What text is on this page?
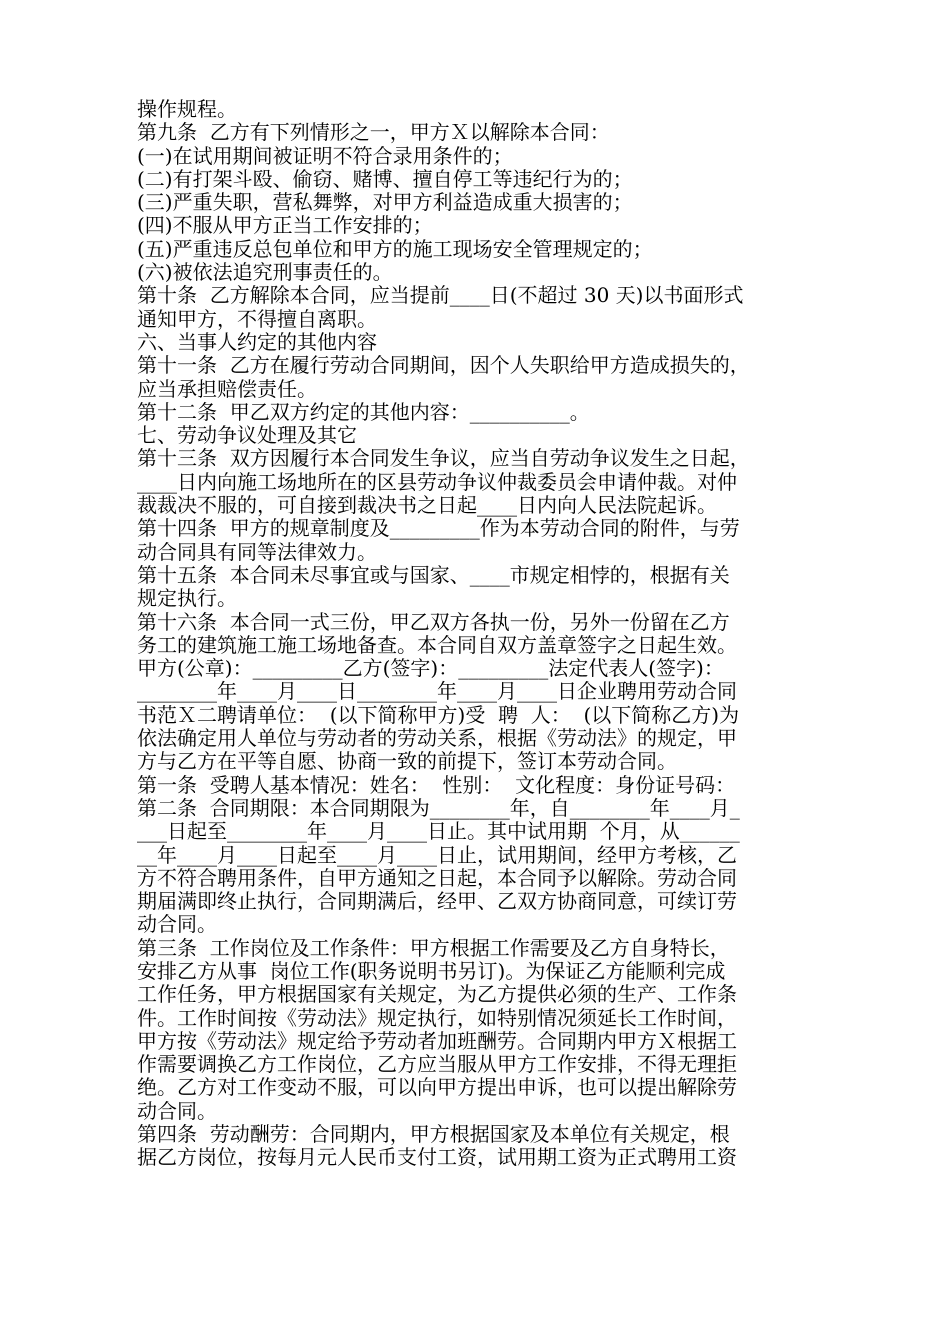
操作规程。
第九条  乙方有下列情形之一，甲方Ｘ以解除本合同：
(一)在试用期间被证明不符合录用条件的；
(二)有打架斗殴、偷窃、赌博、擅自停工等违纪行为的；
(三)严重失职，营私舞弊，对甲方利益造成重大损害的；
(四)不服从甲方正当工作安排的；
(五)严重违反总包单位和甲方的施工现场安全管理规定的；
(六)被依法追究刑事责任的。
第十条  乙方解除本合同，应当提前____日(不超过 30 天)以书面形式
通知甲方，不得擅自离职。
六、当事人约定的其他内容
第十一条  乙方在履行劳动合同期间，因个人失职给甲方造成损失的，
应当承担赔偿责任。
第十二条  甲乙双方约定的其他内容：__________。
七、劳动争议处理及其它
第十三条  双方因履行本合同发生争议，应当自劳动争议发生之日起，
____日内向施工场地所在的区县劳动争议仲裁委员会申请仲裁。对仲
裁裁决不服的，可自接到裁决书之日起____日内向人民法院起诉。
第十四条  甲方的规章制度及_________作为本劳动合同的附件，与劳
动合同具有同等法律效力。
第十五条  本合同未尽事宜或与国家、____市规定相悖的，根据有关
规定执行。
第十六条  本合同一式三份，甲乙双方各执一份，另外一份留在乙方
务工的建筑施工施工场地备查。本合同自双方盖章签字之日起生效。
甲方(公章)：_________乙方(签字)：_________法定代表人(签字)：
________年____月____日________年____月____日企业聘用劳动合同
书范Ｘ二聘请单位：  (以下简称甲方)受  聘  人：  (以下简称乙方)为
依法确定用人单位与劳动者的劳动关系，根据《劳动法》的规定，甲
方与乙方在平等自愿、协商一致的前提下，签订本劳动合同。
第一条  受聘人基本情况：姓名：  性别：  文化程度：身份证号码：
第二条  合同期限：本合同期限为________年，自________年____月_
___日起至________年____月____日止。其中试用期  个月，从______
__年____月____日起至____月____日止，试用期间，经甲方考核，乙
方不符合聘用条件，自甲方通知之日起，本合同予以解除。劳动合同
期届满即终止执行，合同期满后，经甲、乙双方协商同意，可续订劳
动合同。
第三条  工作岗位及工作条件：甲方根据工作需要及乙方自身特长，
安排乙方从事  岗位工作(职务说明书另订)。为保证乙方能顺利完成
工作任务，甲方根据国家有关规定，为乙方提供必须的生产、工作条
件。工作时间按《劳动法》规定执行，如特别情况须延长工作时间，
甲方按《劳动法》规定给予劳动者加班酬劳。合同期内甲方Ｘ根据工
作需要调换乙方工作岗位，乙方应当服从甲方工作安排，不得无理拒
绝。乙方对工作变动不服，可以向甲方提出申诉，也可以提出解除劳
动合同。
第四条  劳动酬劳：合同期内，甲方根据国家及本单位有关规定，根
据乙方岗位，按每月元人民币支付工资，试用期工资为正式聘用工资
